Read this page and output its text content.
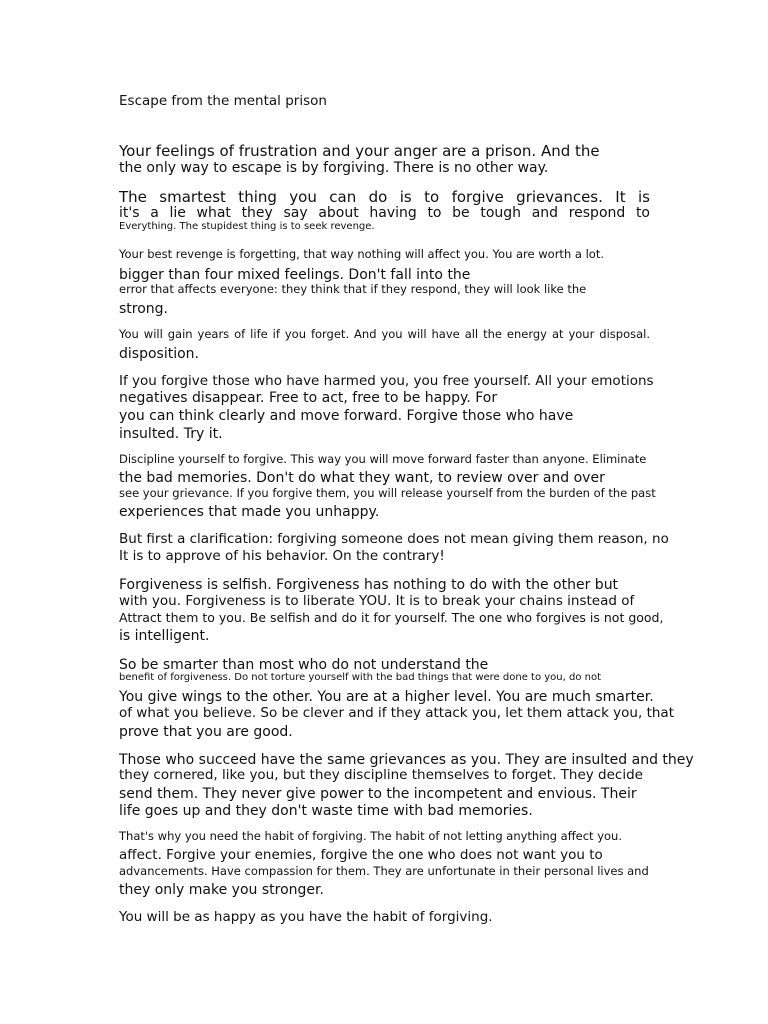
Escape from the mental prison
Your feelings of frustration and your anger are a prison. And the
the only way to escape is by forgiving. There is no other way.
The smartest thing you can do is to forgive grievances. It is
it's a lie what they say about having to be tough and respond to
Everything. The stupidest thing is to seek revenge.
Your best revenge is forgetting, that way nothing will affect you. You are worth a lot.
bigger than four mixed feelings. Don't fall into the
error that affects everyone: they think that if they respond, they will look like the
strong.
You will gain years of life if you forget. And you will have all the energy at your disposal.
disposition.
If you forgive those who have harmed you, you free yourself. All your emotions
negatives disappear. Free to act, free to be happy. For
you can think clearly and move forward. Forgive those who have
insulted. Try it.
Discipline yourself to forgive. This way you will move forward faster than anyone. Eliminate
the bad memories. Don't do what they want, to review over and over
see your grievance. If you forgive them, you will release yourself from the burden of the past
experiences that made you unhappy.
But first a clarification: forgiving someone does not mean giving them reason, no
It is to approve of his behavior. On the contrary!
Forgiveness is selfish. Forgiveness has nothing to do with the other but
with you. Forgiveness is to liberate YOU. It is to break your chains instead of
Attract them to you. Be selfish and do it for yourself. The one who forgives is not good,
is intelligent.
So be smarter than most who do not understand the
benefit of forgiveness. Do not torture yourself with the bad things that were done to you, do not
You give wings to the other. You are at a higher level. You are much smarter.
of what you believe. So be clever and if they attack you, let them attack you, that
prove that you are good.
Those who succeed have the same grievances as you. They are insulted and they
they cornered, like you, but they discipline themselves to forget. They decide
send them. They never give power to the incompetent and envious. Their
life goes up and they don't waste time with bad memories.
That's why you need the habit of forgiving. The habit of not letting anything affect you.
affect. Forgive your enemies, forgive the one who does not want you to
advancements. Have compassion for them. They are unfortunate in their personal lives and
they only make you stronger.
You will be as happy as you have the habit of forgiving.
